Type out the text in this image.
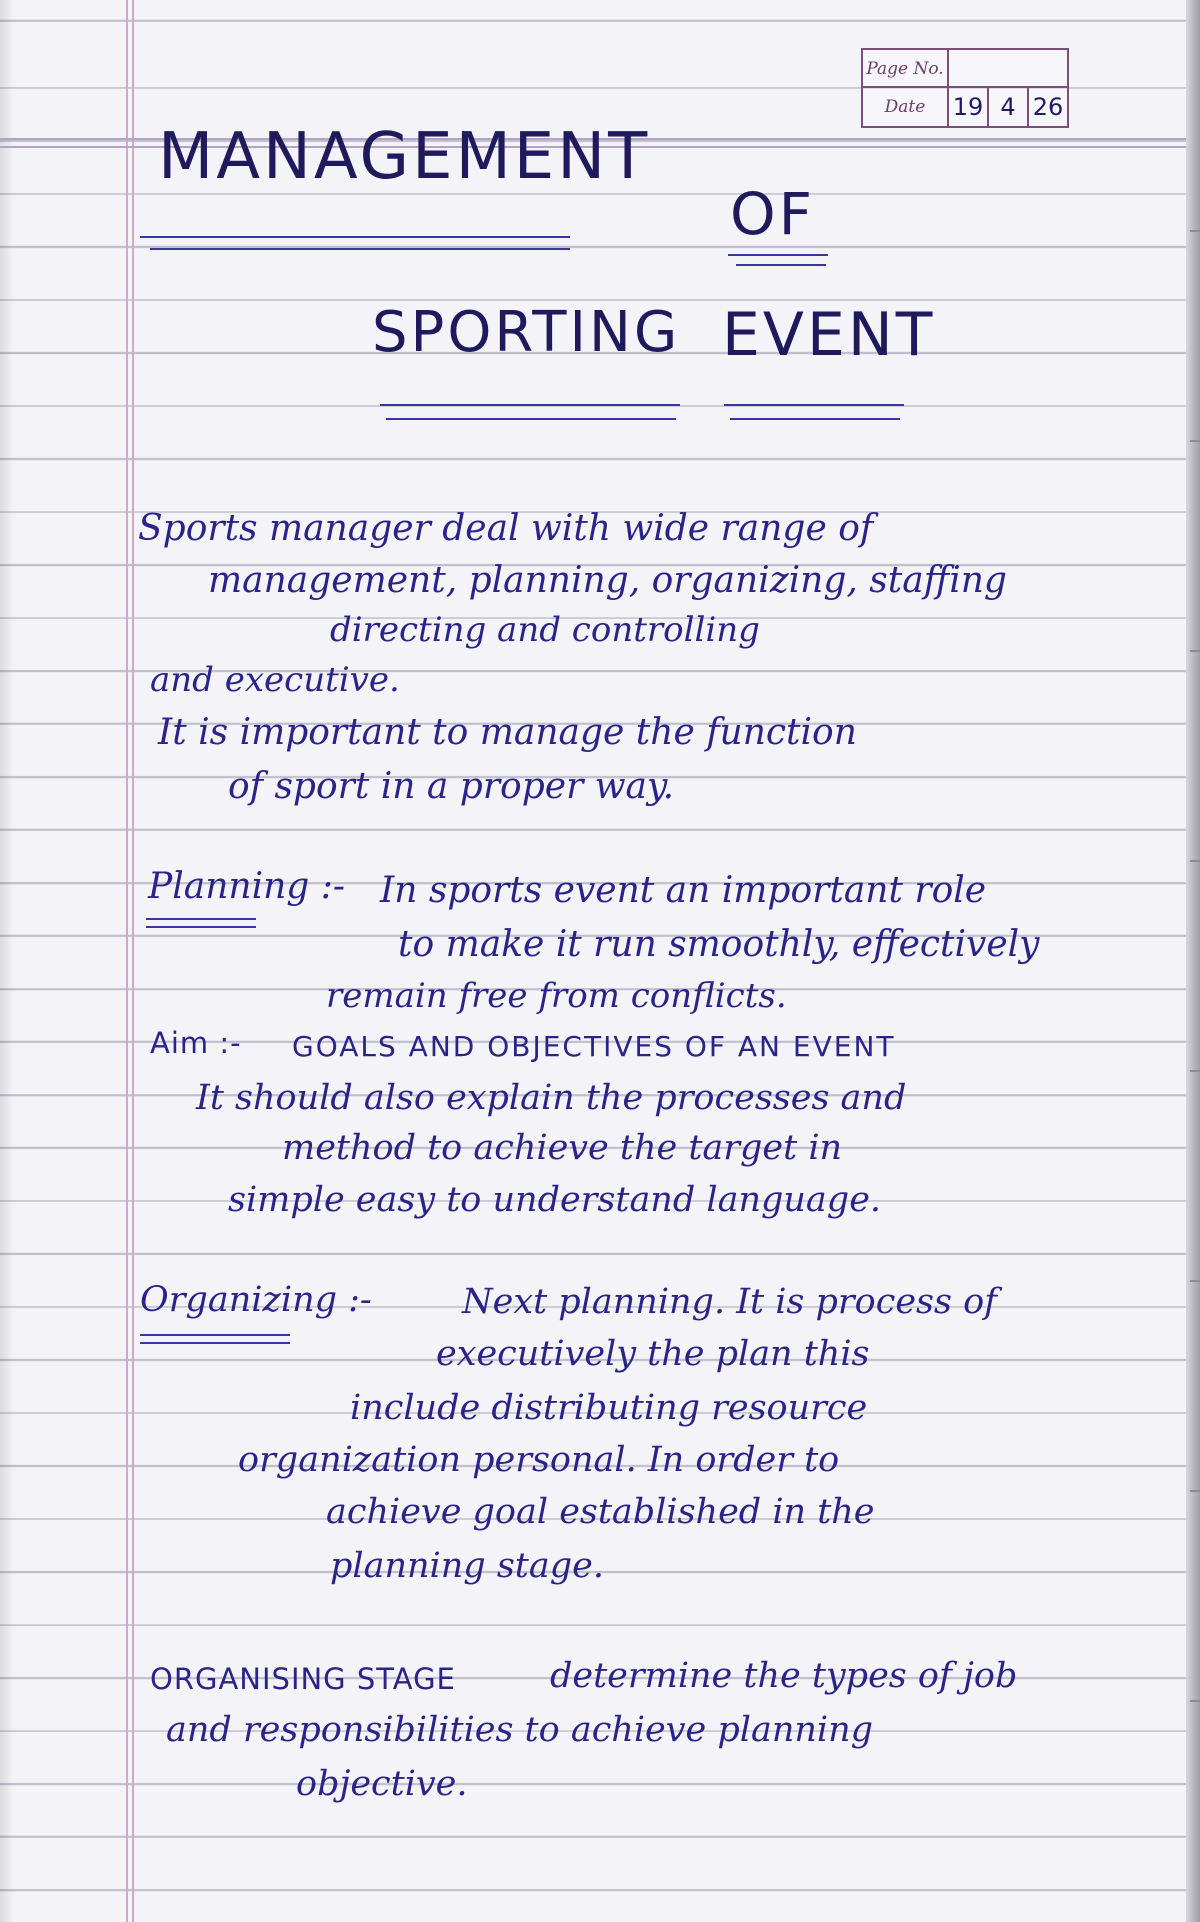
Page No.
Date	19 4 26
MANAGEMENT
OF
SPORTING EVENT
Sports manager deal with wide range of
management, planning, organizing, staffing
directing and controlling
and executive.
It is important to manage the function
of sport in a proper way.
Planning :- In sports event an important role
to make it run smoothly, effectively
remain free from conflicts.
Aim :- GOALS AND OBJECTIVES OF AN EVENT
It should also explain the processes and
method to achieve the target in
simple easy to understand language.
Organizing :-	Next planning. It is process of
executively the plan this
include distributing resource
organization personal. In order to
achieve goal established in the
planning stage.
ORGANISING STAGE	determine the types of job
and responsibilities to achieve planning
objective.
